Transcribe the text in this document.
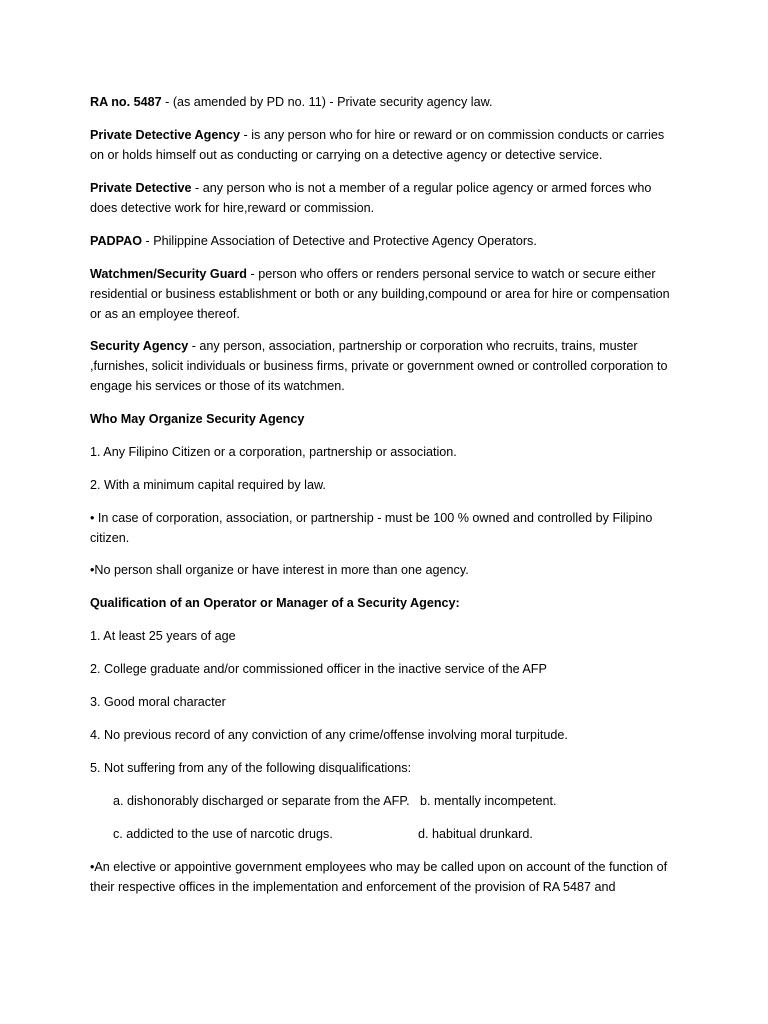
RA no. 5487 - (as amended by PD no. 11) - Private security agency law.

Private Detective Agency - is any person who for hire or reward or on commission conducts or carries on or holds himself out as conducting or carrying on a detective agency or detective service.

Private Detective - any person who is not a member of a regular police agency or armed forces who does detective work for hire,reward or commission.

PADPAO - Philippine Association of Detective and Protective Agency Operators.

Watchmen/Security Guard - person who offers or renders personal service to watch or secure either residential or business establishment or both or any building,compound or area for hire or compensation or as an employee thereof.

Security Agency - any person, association, partnership or corporation who recruits, trains, muster ,furnishes, solicit individuals or business firms, private or government owned or controlled corporation to engage his services or those of its watchmen.

Who May Organize Security Agency

1. Any Filipino Citizen or a corporation, partnership or association.

2. With a minimum capital required by law.

• In case of corporation, association, or partnership - must be 100 % owned and controlled by Filipino citizen.

•No person shall organize or have interest in more than one agency.

Qualification of an Operator or Manager of a Security Agency:

1. At least 25 years of age

2. College graduate and/or commissioned officer in the inactive service of the AFP

3. Good moral character

4. No previous record of any conviction of any crime/offense involving moral turpitude.

5. Not suffering from any of the following disqualifications:

a. dishonorably discharged or separate from the AFP. b. mentally incompetent.

c. addicted to the use of narcotic drugs.	d. habitual drunkard.

•An elective or appointive government employees who may be called upon on account of the function of their respective offices in the implementation and enforcement of the provision of RA 5487 and
